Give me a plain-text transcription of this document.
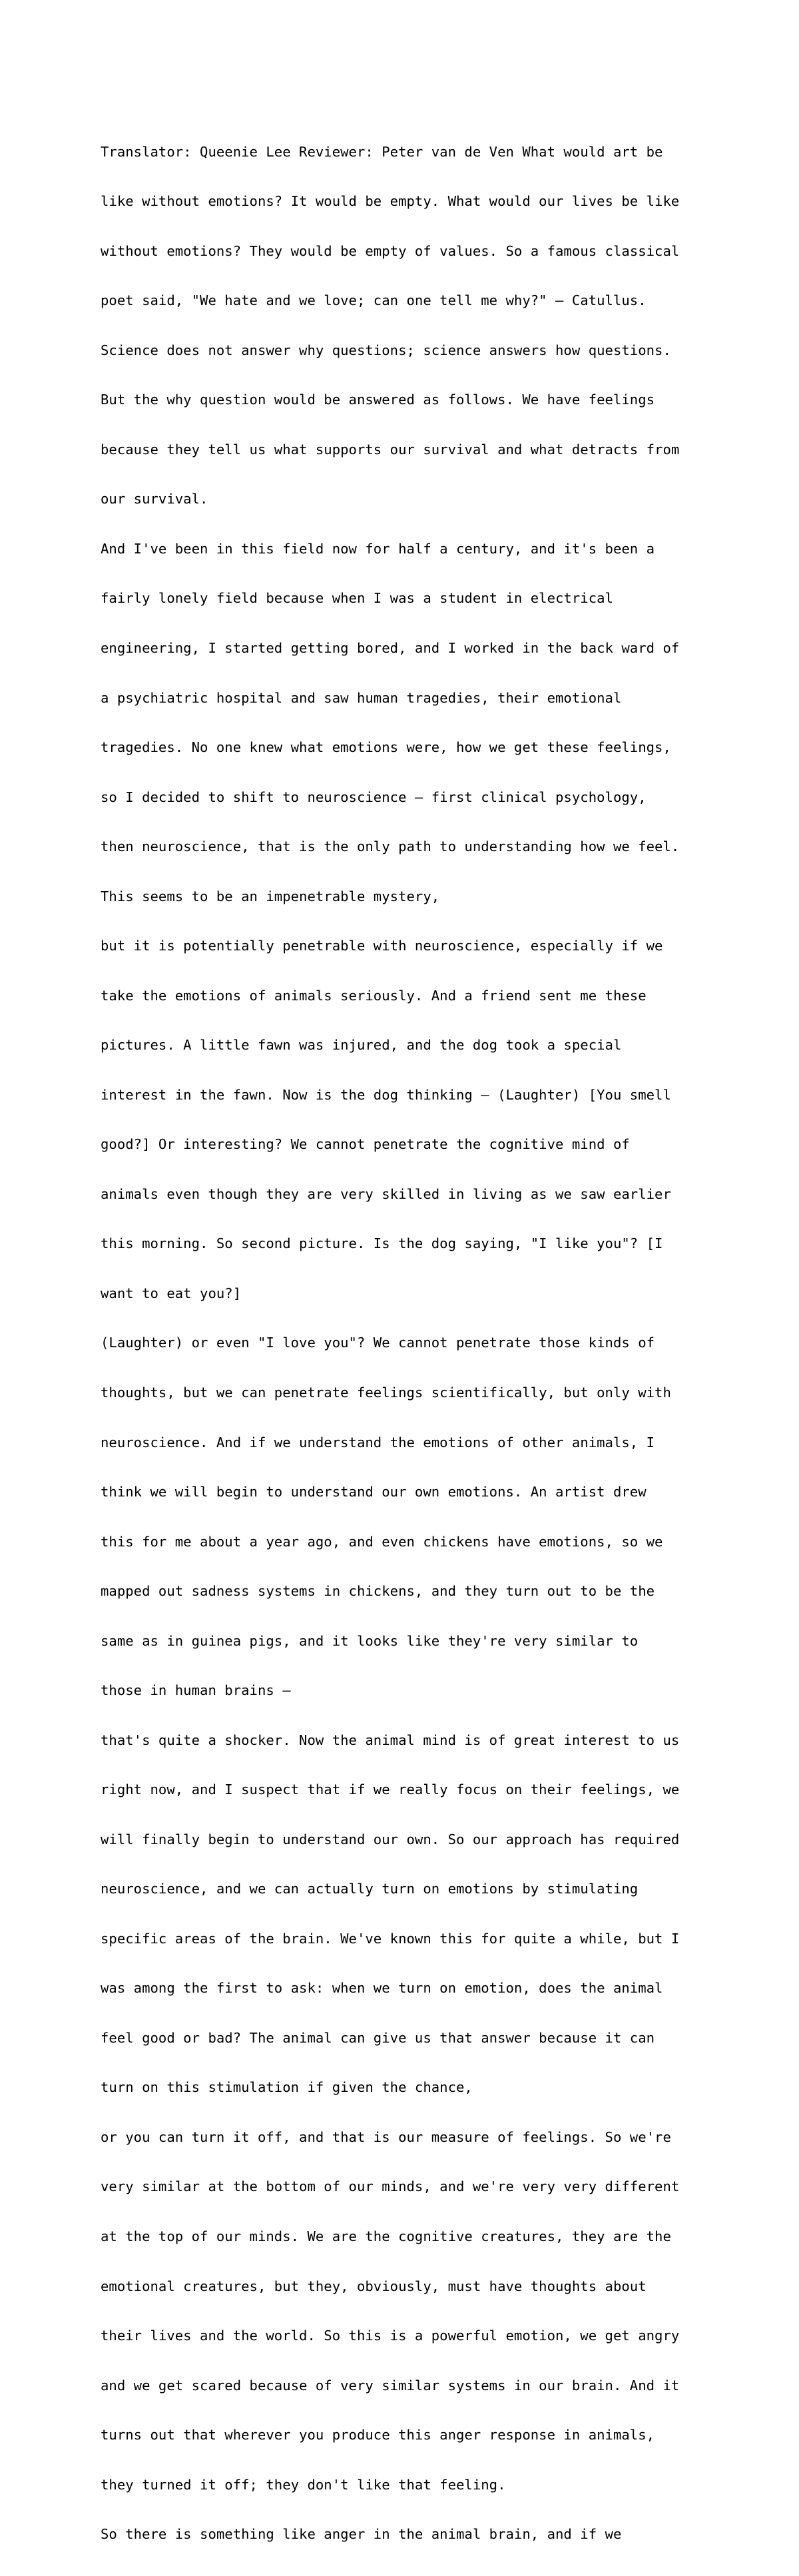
Translator: Queenie Lee Reviewer: Peter van de Ven What would art be

like without emotions? It would be empty. What would our lives be like

without emotions? They would be empty of values. So a famous classical

poet said, "We hate and we love; can one tell me why?" — Catullus.

Science does not answer why questions; science answers how questions.

But the why question would be answered as follows. We have feelings

because they tell us what supports our survival and what detracts from

our survival.

And I've been in this field now for half a century, and it's been a

fairly lonely field because when I was a student in electrical

engineering, I started getting bored, and I worked in the back ward of

a psychiatric hospital and saw human tragedies, their emotional

tragedies. No one knew what emotions were, how we get these feelings,

so I decided to shift to neuroscience — first clinical psychology,

then neuroscience, that is the only path to understanding how we feel.

This seems to be an impenetrable mystery,

but it is potentially penetrable with neuroscience, especially if we

take the emotions of animals seriously. And a friend sent me these

pictures. A little fawn was injured, and the dog took a special

interest in the fawn. Now is the dog thinking — (Laughter) [You smell

good?] Or interesting? We cannot penetrate the cognitive mind of

animals even though they are very skilled in living as we saw earlier

this morning. So second picture. Is the dog saying, "I like you"? [I

want to eat you?]

(Laughter) or even "I love you"? We cannot penetrate those kinds of

thoughts, but we can penetrate feelings scientifically, but only with

neuroscience. And if we understand the emotions of other animals, I

think we will begin to understand our own emotions. An artist drew

this for me about a year ago, and even chickens have emotions, so we

mapped out sadness systems in chickens, and they turn out to be the

same as in guinea pigs, and it looks like they're very similar to

those in human brains —

that's quite a shocker. Now the animal mind is of great interest to us

right now, and I suspect that if we really focus on their feelings, we

will finally begin to understand our own. So our approach has required

neuroscience, and we can actually turn on emotions by stimulating

specific areas of the brain. We've known this for quite a while, but I

was among the first to ask: when we turn on emotion, does the animal

feel good or bad? The animal can give us that answer because it can

turn on this stimulation if given the chance,

or you can turn it off, and that is our measure of feelings. So we're

very similar at the bottom of our minds, and we're very very different

at the top of our minds. We are the cognitive creatures, they are the

emotional creatures, but they, obviously, must have thoughts about

their lives and the world. So this is a powerful emotion, we get angry

and we get scared because of very similar systems in our brain. And it

turns out that wherever you produce this anger response in animals,

they turned it off; they don't like that feeling.

So there is something like anger in the animal brain, and if we
